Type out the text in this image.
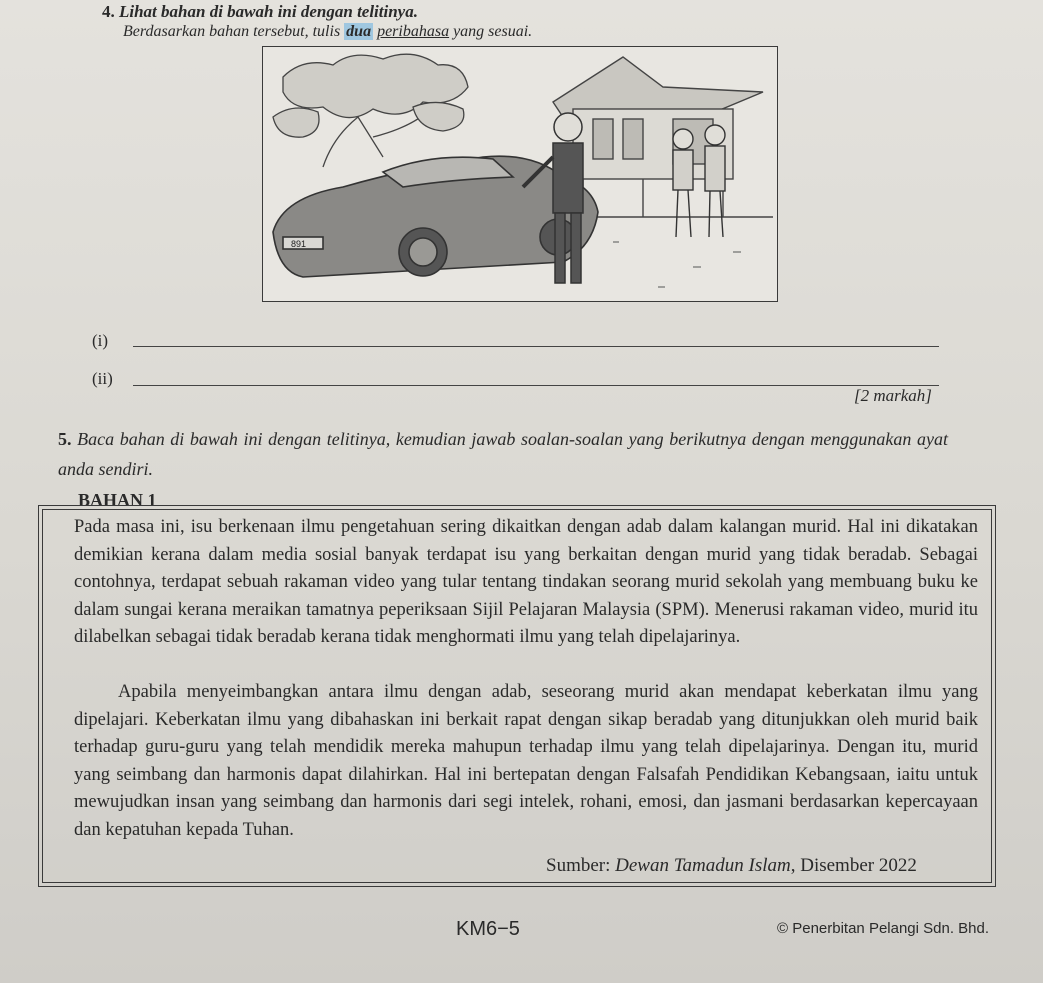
4. Lihat bahan di bawah ini dengan telitinya.
Berdasarkan bahan tersebut, tulis dua peribahasa yang sesuai.
891
(i)
(ii)
[2 markah]
5. Baca bahan di bawah ini dengan telitinya, kemudian jawab soalan-soalan yang berikutnya dengan menggunakan ayat anda sendiri.
BAHAN 1
Pada masa ini, isu berkenaan ilmu pengetahuan sering dikaitkan dengan adab dalam kalangan murid. Hal ini dikatakan demikian kerana dalam media sosial banyak terdapat isu yang berkaitan dengan murid yang tidak beradab. Sebagai contohnya, terdapat sebuah rakaman video yang tular tentang tindakan seorang murid sekolah yang membuang buku ke dalam sungai kerana meraikan tamatnya peperiksaan Sijil Pelajaran Malaysia (SPM). Menerusi rakaman video, murid itu dilabelkan sebagai tidak beradab kerana tidak menghormati ilmu yang telah dipelajarinya.
Apabila menyeimbangkan antara ilmu dengan adab, seseorang murid akan mendapat keberkatan ilmu yang dipelajari. Keberkatan ilmu yang dibahaskan ini berkait rapat dengan sikap beradab yang ditunjukkan oleh murid baik terhadap guru-guru yang telah mendidik mereka mahupun terhadap ilmu yang telah dipelajarinya. Dengan itu, murid yang seimbang dan harmonis dapat dilahirkan. Hal ini bertepatan dengan Falsafah Pendidikan Kebangsaan, iaitu untuk mewujudkan insan yang seimbang dan harmonis dari segi intelek, rohani, emosi, dan jasmani berdasarkan kepercayaan dan kepatuhan kepada Tuhan.
Sumber: Dewan Tamadun Islam, Disember 2022
KM6−5	© Penerbitan Pelangi Sdn. Bhd.
